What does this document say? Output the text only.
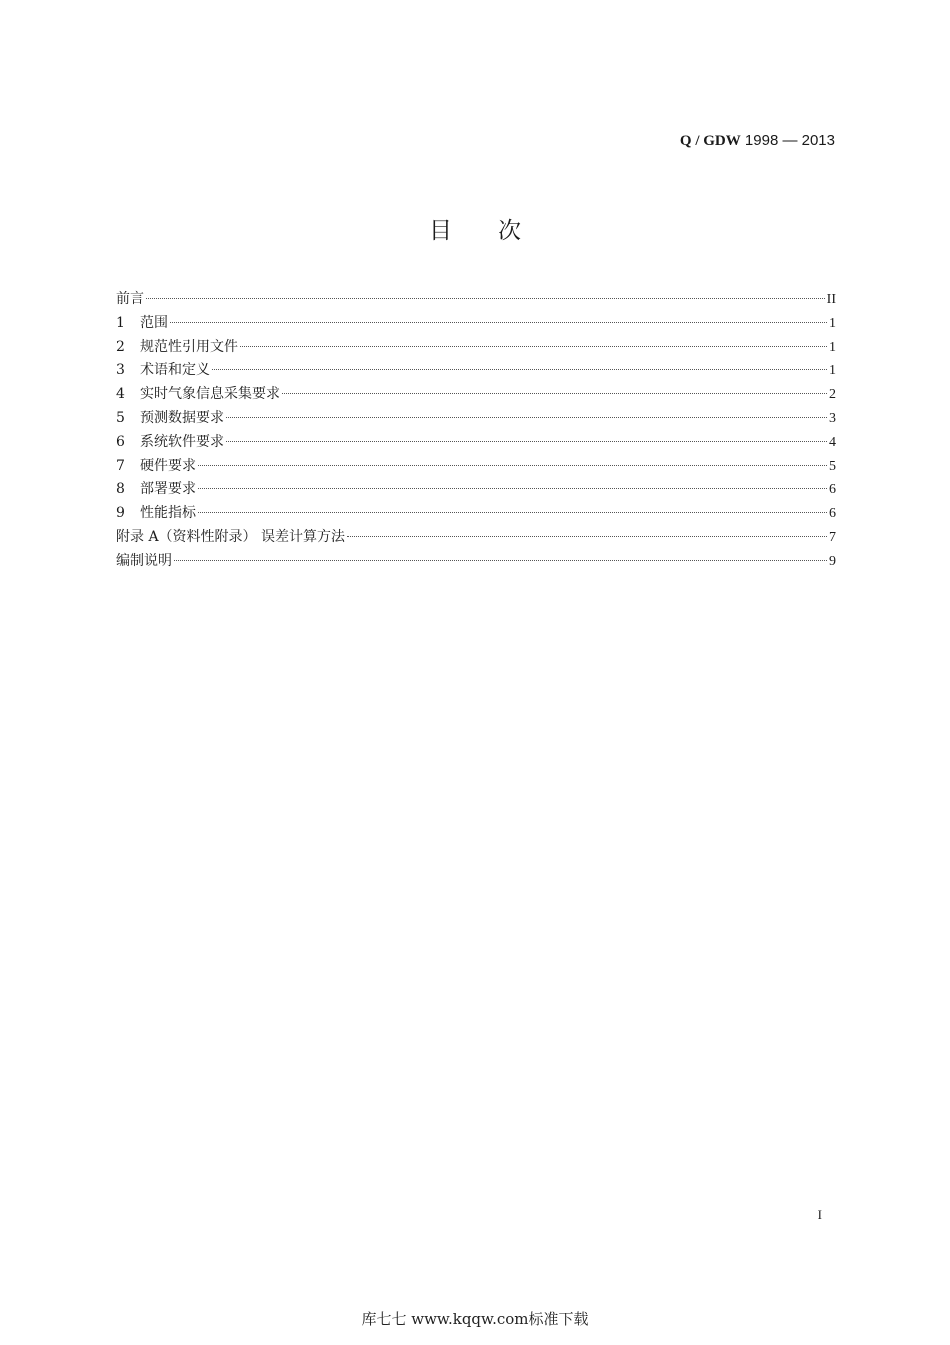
Q / GDW 1998 — 2013
目次
前言	II
1	范围	1
2	规范性引用文件	1
3	术语和定义	1
4	实时气象信息采集要求	2
5	预测数据要求	3
6	系统软件要求	4
7	硬件要求	5
8	部署要求	6
9	性能指标	6
附录 A（资料性附录） 误差计算方法	7
编制说明	9
I
库七七 www.kqqw.com标准下载
